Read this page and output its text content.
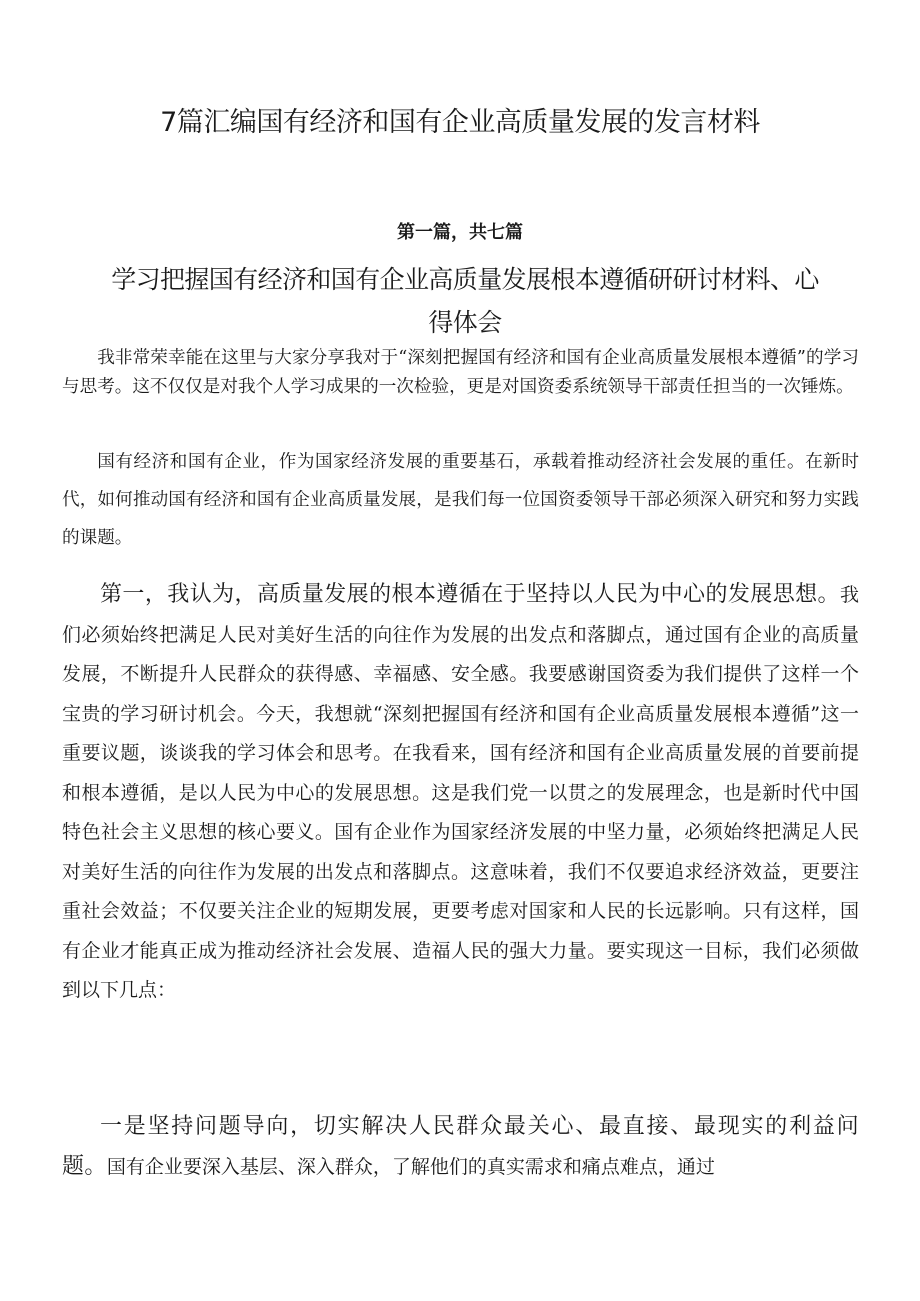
7篇汇编国有经济和国有企业高质量发展的发言材料
第一篇，共七篇
学习把握国有经济和国有企业高质量发展根本遵循研研讨材料、心得体会

我非常荣幸能在这里与大家分享我对于“深刻把握国有经济和国有企业高质量发展根本遵循”的学习与思考。这不仅仅是对我个人学习成果的一次检验，更是对国资委系统领导干部责任担当的一次锤炼。

国有经济和国有企业，作为国家经济发展的重要基石，承载着推动经济社会发展的重任。在新时代，如何推动国有经济和国有企业高质量发展，是我们每一位国资委领导干部必须深入研究和努力实践的课题。

第一，我认为，高质量发展的根本遵循在于坚持以人民为中心的发展思想。我们必须始终把满足人民对美好生活的向往作为发展的出发点和落脚点，通过国有企业的高质量发展，不断提升人民群众的获得感、幸福感、安全感。我要感谢国资委为我们提供了这样一个宝贵的学习研讨机会。今天，我想就“深刻把握国有经济和国有企业高质量发展根本遵循”这一重要议题，谈谈我的学习体会和思考。在我看来，国有经济和国有企业高质量发展的首要前提和根本遵循，是以人民为中心的发展思想。这是我们党一以贯之的发展理念，也是新时代中国特色社会主义思想的核心要义。国有企业作为国家经济发展的中坚力量，必须始终把满足人民对美好生活的向往作为发展的出发点和落脚点。这意味着，我们不仅要追求经济效益，更要注重社会效益；不仅要关注企业的短期发展，更要考虑对国家和人民的长远影响。只有这样，国有企业才能真正成为推动经济社会发展、造福人民的强大力量。要实现这一目标，我们必须做到以下几点：

一是坚持问题导向，切实解决人民群众最关心、最直接、最现实的利益问题。国有企业要深入基层、深入群众，了解他们的真实需求和痛点难点，通过
